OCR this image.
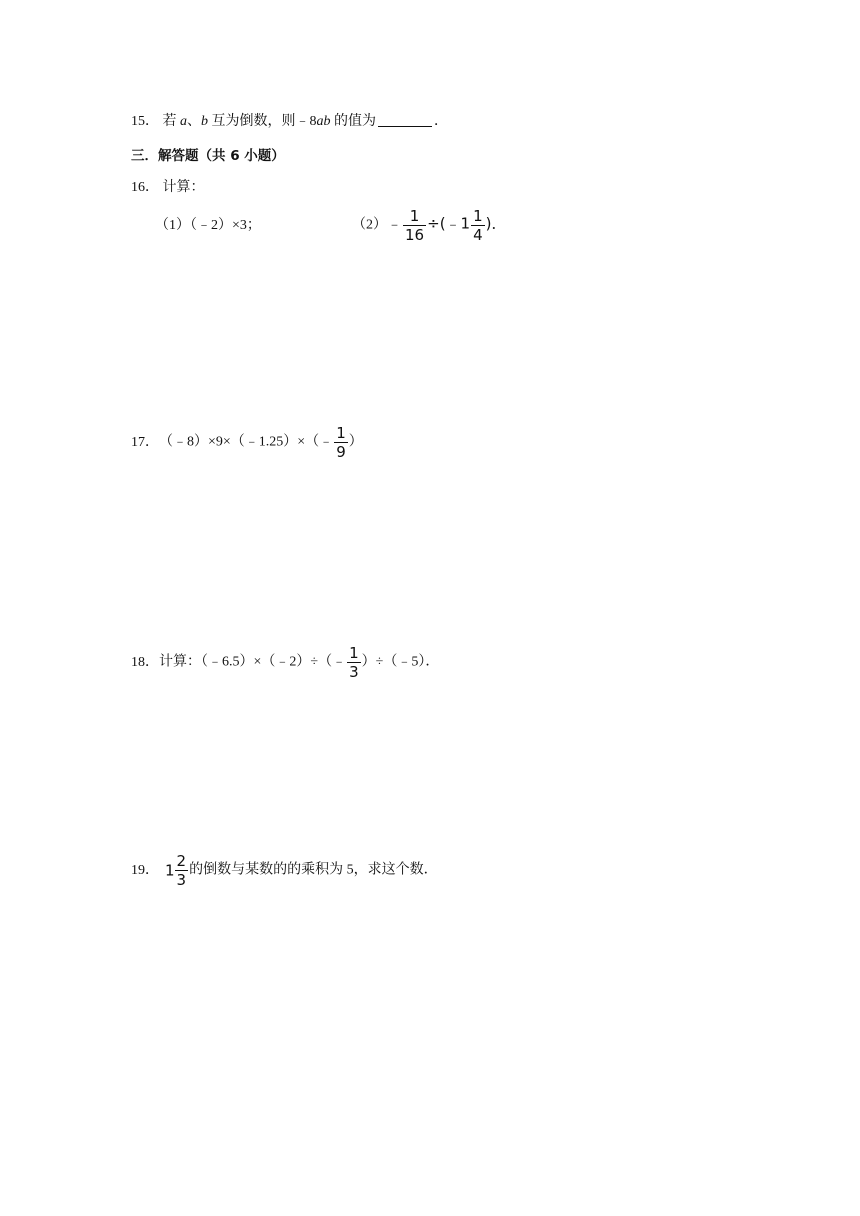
15． 若 a、b 互为倒数，则﹣8ab 的值为	．
三．解答题（共 6 小题）
16． 计算：
（1）（﹣2）×3；	（2）﹣ $\frac{1}{16}$ ÷(﹣1 $\frac{1}{4}$ )．
17．（﹣8）×9×（﹣1.25）×（﹣ $\frac{1}{9}$ ）
18．计算：（﹣6.5）×（﹣2）÷（﹣ $\frac{1}{3}$ ）÷（﹣5）．
19． $1 \frac{2}{3}$ 的倒数与某数的的乘积为 5，求这个数．
